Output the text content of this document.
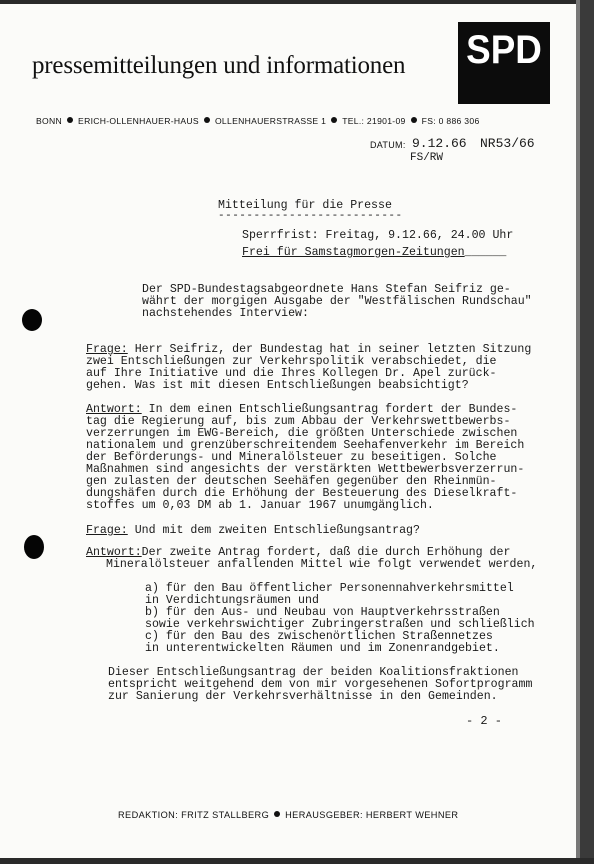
pressemitteilungen und informationen SPD
BONN ERICH-OLLENHAUER-HAUS OLLENHAUERSTRASSE 1 TEL.: 21901-09 FS: 0 886 306
DATUM: 9.12.66 NR53/66
FS/RW
Mitteilung für die Presse
--------------------------
Sperrfrist: Freitag, 9.12.66, 24.00 Uhr
Frei für Samstagmorgen-Zeitungen______
Der SPD-Bundestagsabgeordnete Hans Stefan Seifriz ge-
währt der morgigen Ausgabe der "Westfälischen Rundschau"
nachstehendes Interview:
Frage: Herr Seifriz, der Bundestag hat in seiner letzten Sitzung
zwei Entschließungen zur Verkehrspolitik verabschiedet, die
auf Ihre Initiative und die Ihres Kollegen Dr. Apel zurück-
gehen. Was ist mit diesen Entschließungen beabsichtigt?
Antwort: In dem einen Entschließungsantrag fordert der Bundes-
tag die Regierung auf, bis zum Abbau der Verkehrswettbewerbs-
verzerrungen im EWG-Bereich, die größten Unterschiede zwischen
nationalem und grenzüberschreitendem Seehafenverkehr im Bereich
der Beförderungs- und Mineralölsteuer zu beseitigen. Solche
Maßnahmen sind angesichts der verstärkten Wettbewerbsverzerrun-
gen zulasten der deutschen Seehäfen gegenüber den Rheinmün-
dungshäfen durch die Erhöhung der Besteuerung des Dieselkraft-
stoffes um 0,03 DM ab 1. Januar 1967 unumgänglich.
Frage: Und mit dem zweiten Entschließungsantrag?
Antwort:Der zweite Antrag fordert, daß die durch Erhöhung der
Mineralölsteuer anfallenden Mittel wie folgt verwendet werden,
a) für den Bau öffentlicher Personennahverkehrsmittel
in Verdichtungsräumen und
b) für den Aus- und Neubau von Hauptverkehrsstraßen
sowie verkehrswichtiger Zubringerstraßen und schließlich
c) für den Bau des zwischenörtlichen Straßennetzes
in unterentwickelten Räumen und im Zonenrandgebiet.
Dieser Entschließungsantrag der beiden Koalitionsfraktionen
entspricht weitgehend dem von mir vorgesehenen Sofortprogramm
zur Sanierung der Verkehrsverhältnisse in den Gemeinden.
- 2 -
REDAKTION: FRITZ STALLBERG HERAUSGEBER: HERBERT WEHNER
